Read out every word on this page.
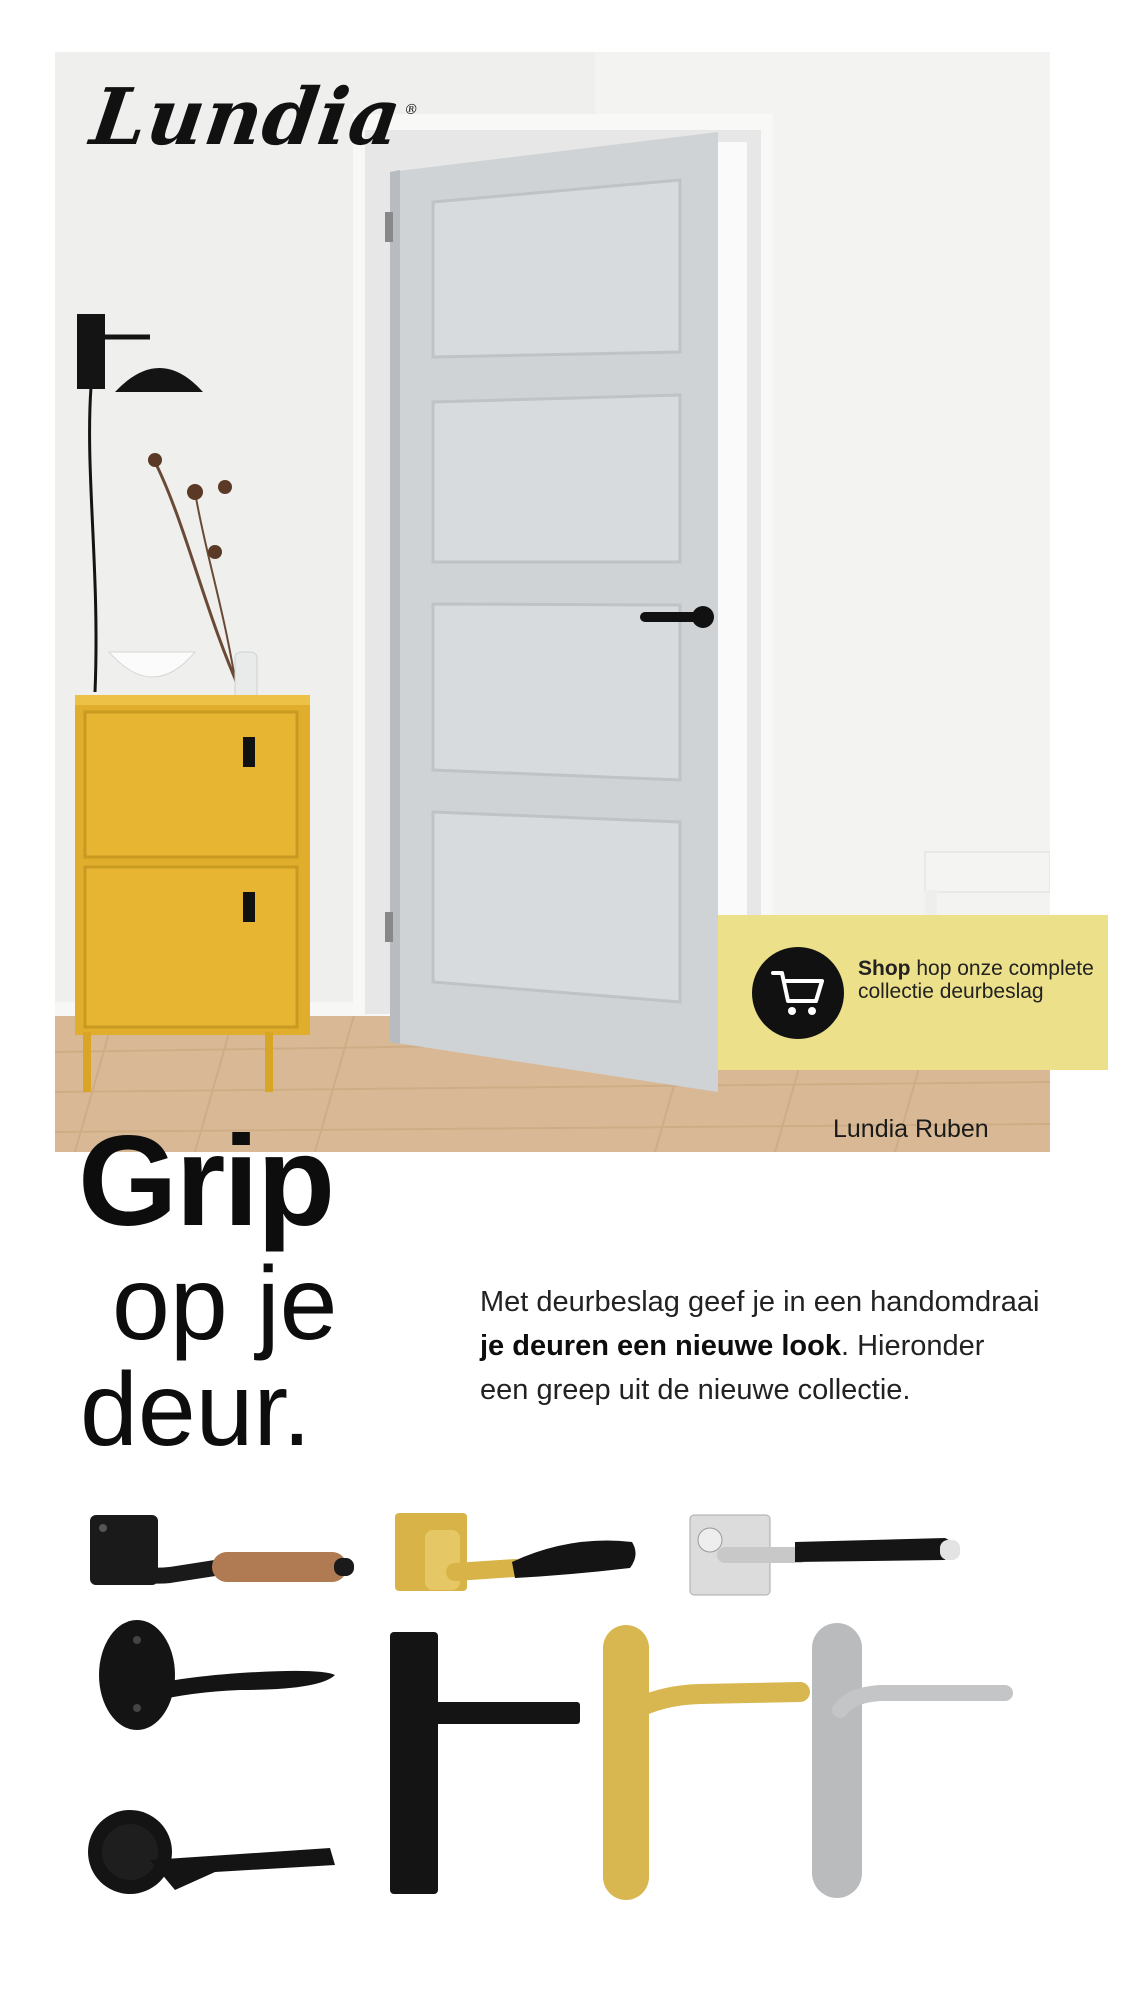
Lundia®
Shop hop onze complete collectie deurbeslag
Lundia Ruben
Grip
op je
deur.
Met deurbeslag geef je in een handomdraai je deuren een nieuwe look. Hieronder een greep uit de nieuwe collectie.
